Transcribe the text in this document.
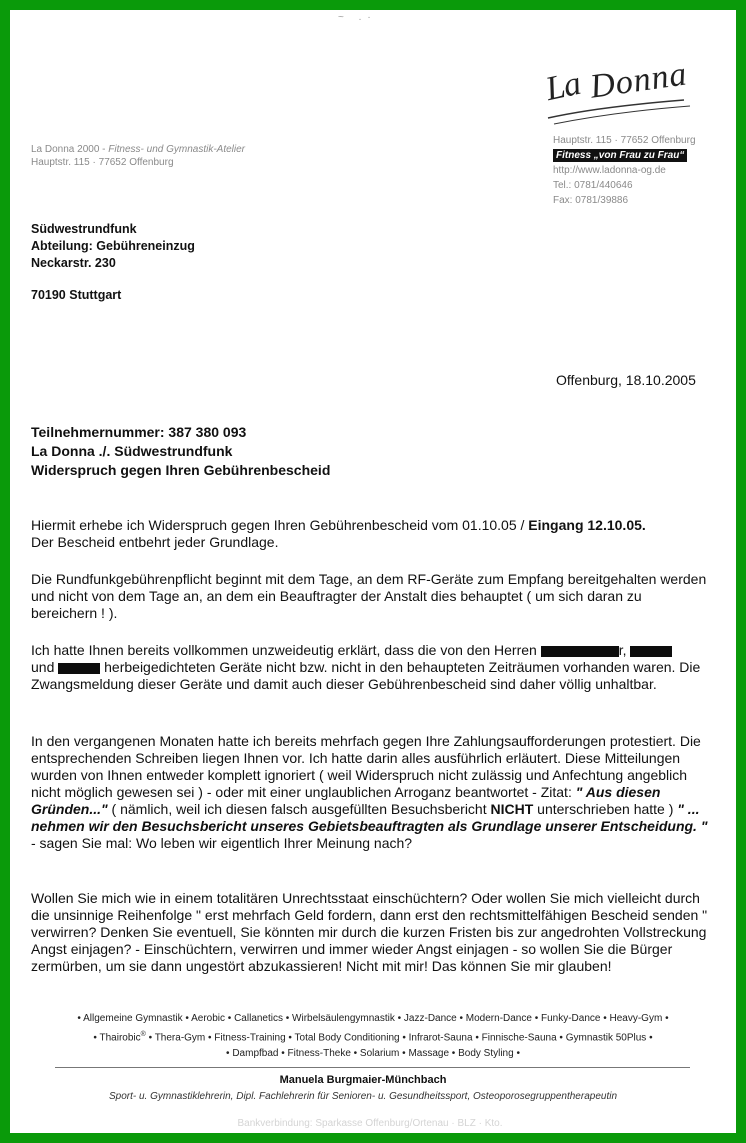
~ .·
La Donna
La Donna 2000 - Fitness- und Gymnastik-Atelier
Hauptstr. 115 · 77652 Offenburg
Hauptstr. 115 · 77652 Offenburg
Fitness „von Frau zu Frau“
http://www.ladonna-og.de
Tel.: 0781/440646
Fax: 0781/39886
Südwestrundfunk
Abteilung: Gebühreneinzug
Neckarstr. 230
70190 Stuttgart
Offenburg, 18.10.2005
Teilnehmernummer: 387 380 093
La Donna ./. Südwestrundfunk
Widerspruch gegen Ihren Gebührenbescheid

Hiermit erhebe ich Widerspruch gegen Ihren Gebührenbescheid vom 01.10.05 / Eingang 12.10.05.
Der Bescheid entbehrt jeder Grundlage.

Die Rundfunkgebührenpflicht beginnt mit dem Tage, an dem RF-Geräte zum Empfang bereitgehalten werden und nicht von dem Tage an, an dem ein Beauftragter der Anstalt dies behauptet ( um sich daran zu bereichern ! ).

Ich hatte Ihnen bereits vollkommen unzweideutig erklärt, dass die von den Herren	r,
und	herbeigedichteten Geräte nicht bzw. nicht in den behaupteten Zeiträumen vorhanden waren. Die Zwangsmeldung dieser Geräte und damit auch dieser Gebührenbescheid sind daher völlig unhaltbar.

In den vergangenen Monaten hatte ich bereits mehrfach gegen Ihre Zahlungsaufforderungen protestiert. Die entsprechenden Schreiben liegen Ihnen vor. Ich hatte darin alles ausführlich erläutert. Diese Mitteilungen wurden von Ihnen entweder komplett ignoriert ( weil Widerspruch nicht zulässig und Anfechtung angeblich nicht möglich gewesen sei ) - oder mit einer unglaublichen Arroganz beantwortet - Zitat: " Aus diesen Gründen..." ( nämlich, weil ich diesen falsch ausgefüllten Besuchsbericht NICHT unterschrieben hatte ) " ... nehmen wir den Besuchsbericht unseres Gebietsbeauftragten als Grundlage unserer Entscheidung. " - sagen Sie mal: Wo leben wir eigentlich Ihrer Meinung nach?

Wollen Sie mich wie in einem totalitären Unrechtsstaat einschüchtern? Oder wollen Sie mich vielleicht durch die unsinnige Reihenfolge " erst mehrfach Geld fordern, dann erst den rechtsmittelfähigen Bescheid senden " verwirren? Denken Sie eventuell, Sie könnten mir durch die kurzen Fristen bis zur angedrohten Vollstreckung Angst einjagen? - Einschüchtern, verwirren und immer wieder Angst einjagen - so wollen Sie die Bürger zermürben, um sie dann ungestört abzukassieren! Nicht mit mir! Das können Sie mir glauben!

• Allgemeine Gymnastik • Aerobic • Callanetics • Wirbelsäulengymnastik • Jazz-Dance • Modern-Dance • Funky-Dance • Heavy-Gym •
• Thairobic® • Thera-Gym • Fitness-Training • Total Body Conditioning • Infrarot-Sauna • Finnische-Sauna • Gymnastik 50Plus •
• Dampfbad • Fitness-Theke • Solarium • Massage • Body Styling •
Manuela Burgmaier-Münchbach
Sport- u. Gymnastiklehrerin, Dipl. Fachlehrerin für Senioren- u. Gesundheitssport, Osteoporosegruppentherapeutin
Bankverbindung: Sparkasse Offenburg/Ortenau · BLZ · Kto.
